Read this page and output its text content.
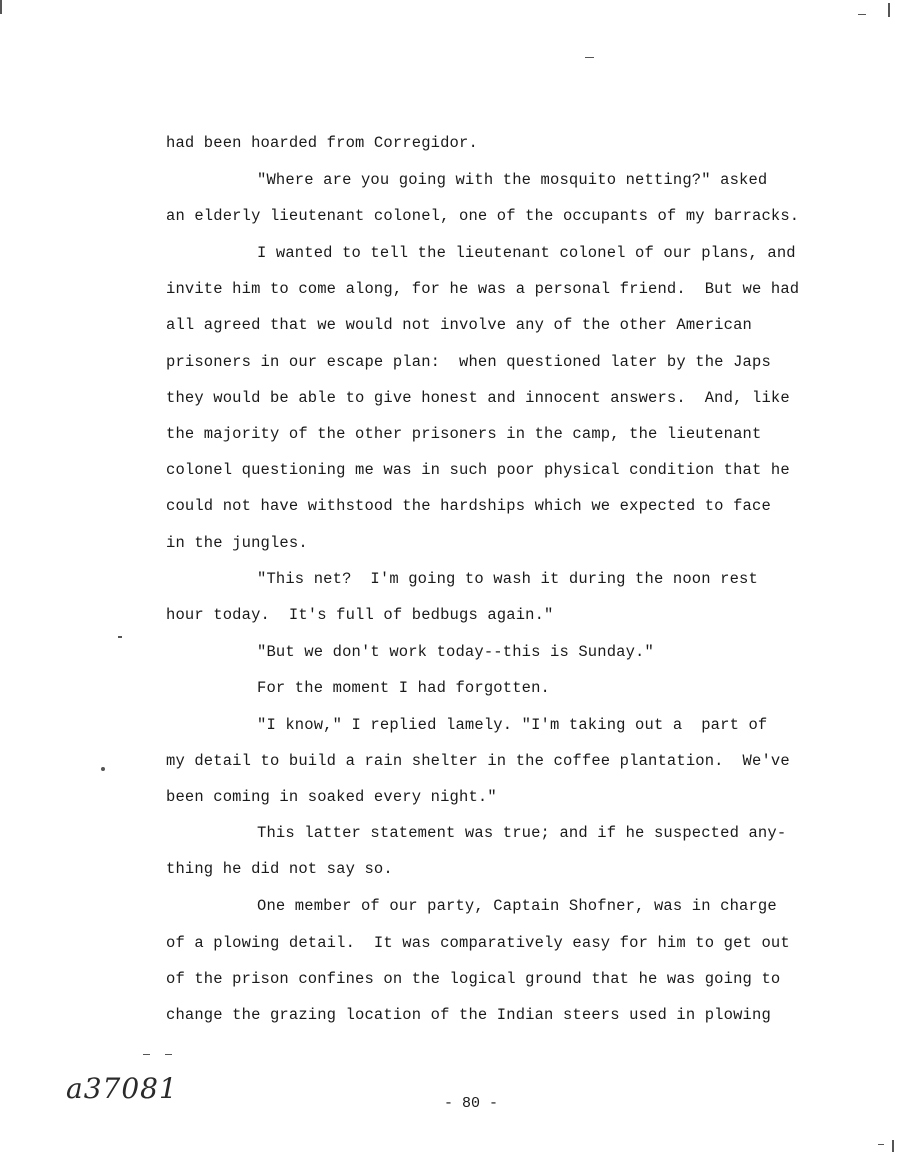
had been hoarded from Corregidor.
"Where are you going with the mosquito netting?" asked
an elderly lieutenant colonel, one of the occupants of my barracks.
I wanted to tell the lieutenant colonel of our plans, and
invite him to come along, for he was a personal friend.  But we had
all agreed that we would not involve any of the other American
prisoners in our escape plan:  when questioned later by the Japs
they would be able to give honest and innocent answers.  And, like
the majority of the other prisoners in the camp, the lieutenant
colonel questioning me was in such poor physical condition that he
could not have withstood the hardships which we expected to face
in the jungles.
"This net?  I'm going to wash it during the noon rest
hour today.  It's full of bedbugs again."
"But we don't work today--this is Sunday."
For the moment I had forgotten.
"I know," I replied lamely. "I'm taking out a  part of
my detail to build a rain shelter in the coffee plantation.  We've
been coming in soaked every night."
This latter statement was true; and if he suspected any-
thing he did not say so.
One member of our party, Captain Shofner, was in charge
of a plowing detail.  It was comparatively easy for him to get out
of the prison confines on the logical ground that he was going to
change the grazing location of the Indian steers used in plowing
- 80 -
a37081
